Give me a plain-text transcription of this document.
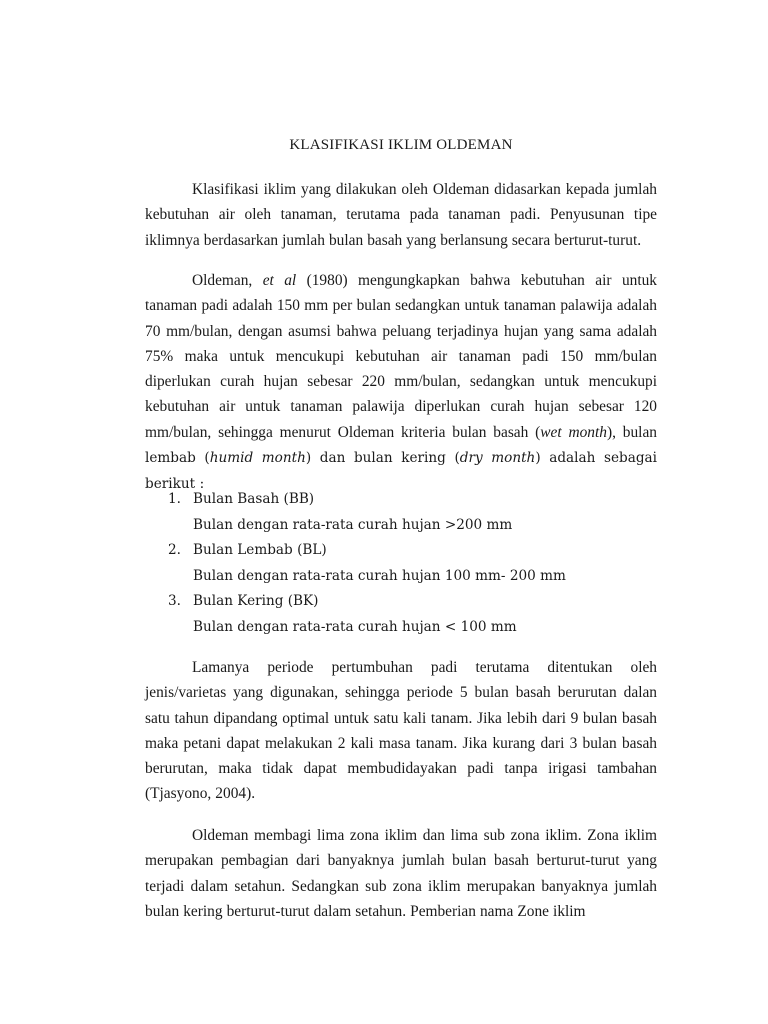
KLASIFIKASI IKLIM OLDEMAN

Klasifikasi iklim yang dilakukan oleh Oldeman didasarkan kepada jumlah kebutuhan air oleh tanaman, terutama pada tanaman padi. Penyusunan tipe iklimnya berdasarkan jumlah bulan basah yang berlansung secara berturut-turut.

Oldeman, et al (1980) mengungkapkan bahwa kebutuhan air untuk tanaman padi adalah 150 mm per bulan sedangkan untuk tanaman palawija adalah 70 mm/bulan, dengan asumsi bahwa peluang terjadinya hujan yang sama adalah 75% maka untuk mencukupi kebutuhan air tanaman padi 150 mm/bulan diperlukan curah hujan sebesar 220 mm/bulan, sedangkan untuk mencukupi kebutuhan air untuk tanaman palawija diperlukan curah hujan sebesar 120 mm/bulan, sehingga menurut Oldeman kriteria bulan basah (wet month), bulan lembab (humid month) dan bulan kering (dry month) adalah sebagai berikut :

1. Bulan Basah (BB)
Bulan dengan rata-rata curah hujan >200 mm
2. Bulan Lembab (BL)
Bulan dengan rata-rata curah hujan 100 mm- 200 mm
3. Bulan Kering (BK)
Bulan dengan rata-rata curah hujan < 100 mm

Lamanya periode pertumbuhan padi terutama ditentukan oleh jenis/varietas yang digunakan, sehingga periode 5 bulan basah berurutan dalan satu tahun dipandang optimal untuk satu kali tanam. Jika lebih dari 9 bulan basah maka petani dapat melakukan 2 kali masa tanam. Jika kurang dari 3 bulan basah berurutan, maka tidak dapat membudidayakan padi tanpa irigasi tambahan (Tjasyono, 2004).

Oldeman membagi lima zona iklim dan lima sub zona iklim. Zona iklim merupakan pembagian dari banyaknya jumlah bulan basah berturut-turut yang terjadi dalam setahun. Sedangkan sub zona iklim merupakan banyaknya jumlah bulan kering berturut-turut dalam setahun. Pemberian nama Zone iklim
